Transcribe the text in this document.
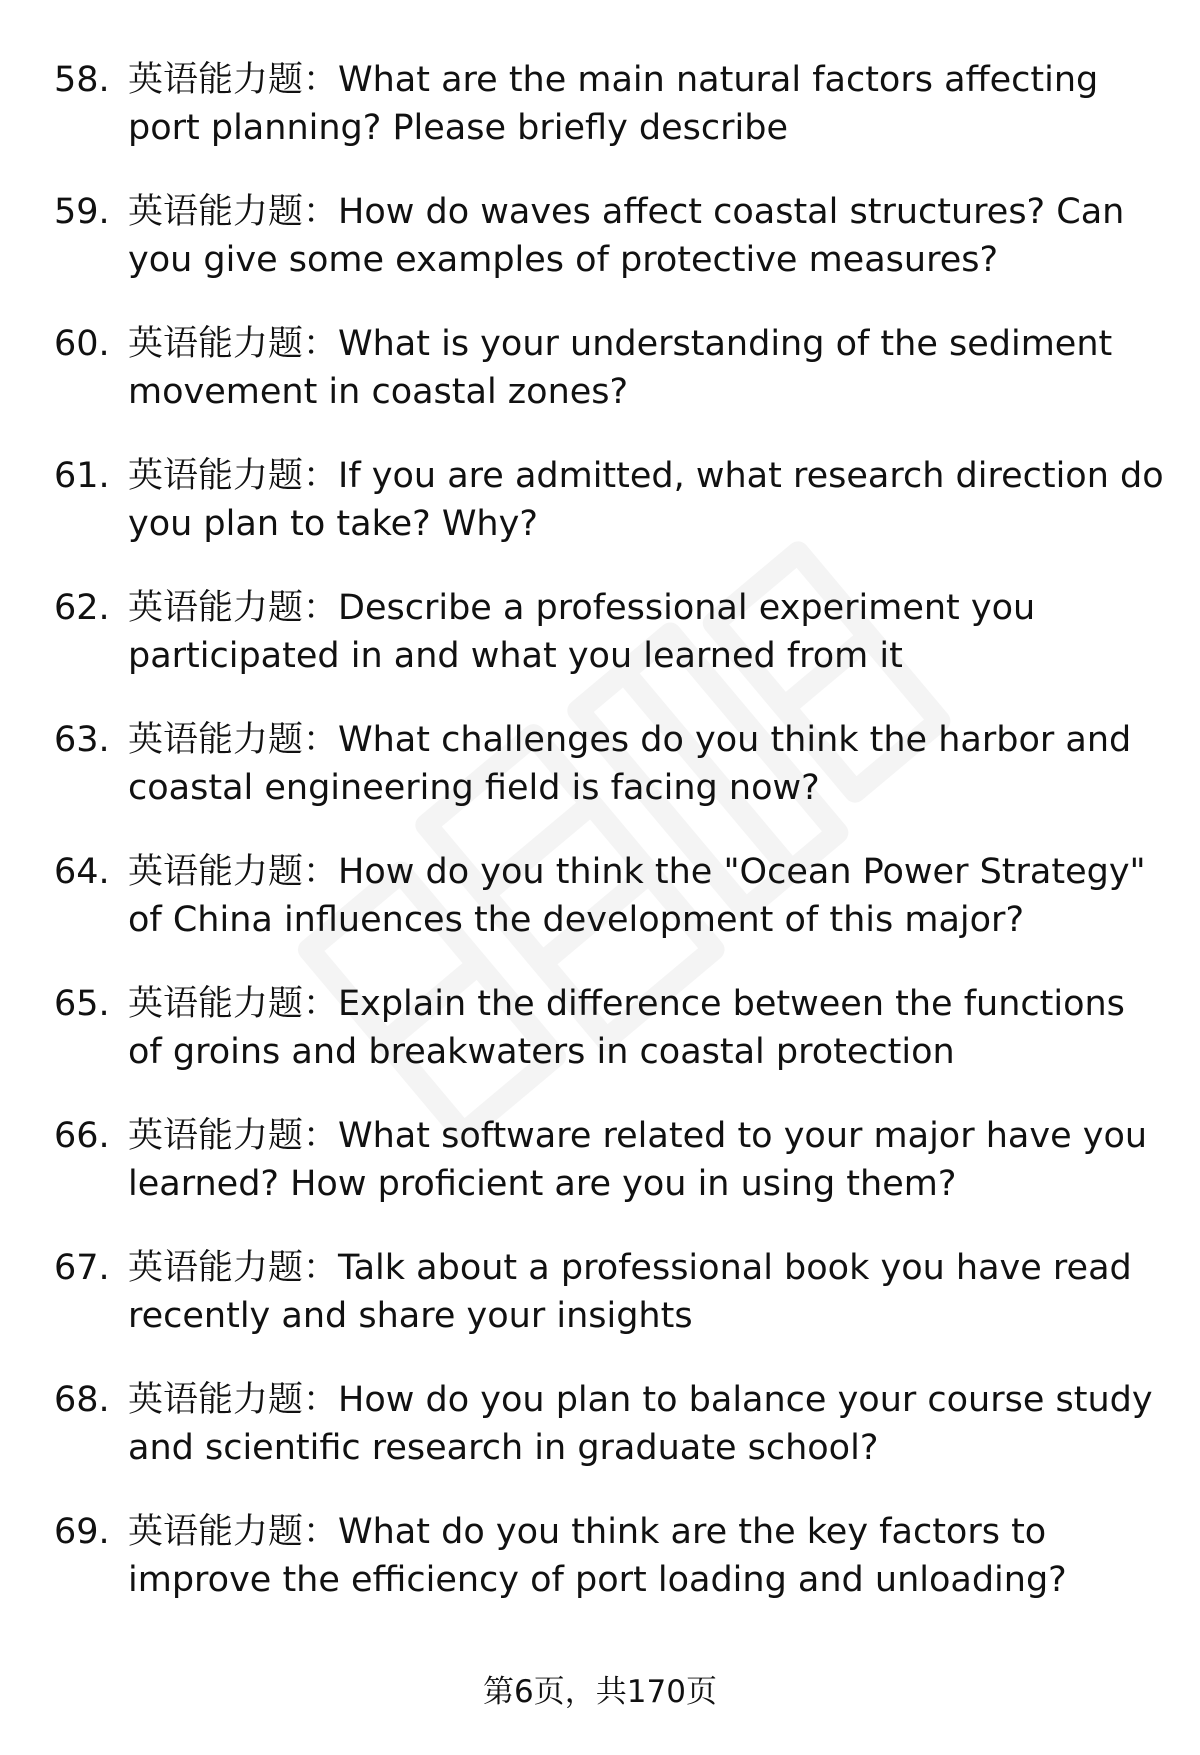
58. 英语能力题：What are the main natural factors affecting port planning? Please briefly describe
59. 英语能力题：How do waves affect coastal structures? Can you give some examples of protective measures?
60. 英语能力题：What is your understanding of the sediment movement in coastal zones?
61. 英语能力题：If you are admitted, what research direction do you plan to take? Why?
62. 英语能力题：Describe a professional experiment you participated in and what you learned from it
63. 英语能力题：What challenges do you think the harbor and coastal engineering field is facing now?
64. 英语能力题：How do you think the "Ocean Power Strategy" of China influences the development of this major?
65. 英语能力题：Explain the difference between the functions of groins and breakwaters in coastal protection
66. 英语能力题：What software related to your major have you learned? How proficient are you in using them?
67. 英语能力题：Talk about a professional book you have read recently and share your insights
68. 英语能力题：How do you plan to balance your course study and scientific research in graduate school?
69. 英语能力题：What do you think are the key factors to improve the efficiency of port loading and unloading?
第6页，共170页
